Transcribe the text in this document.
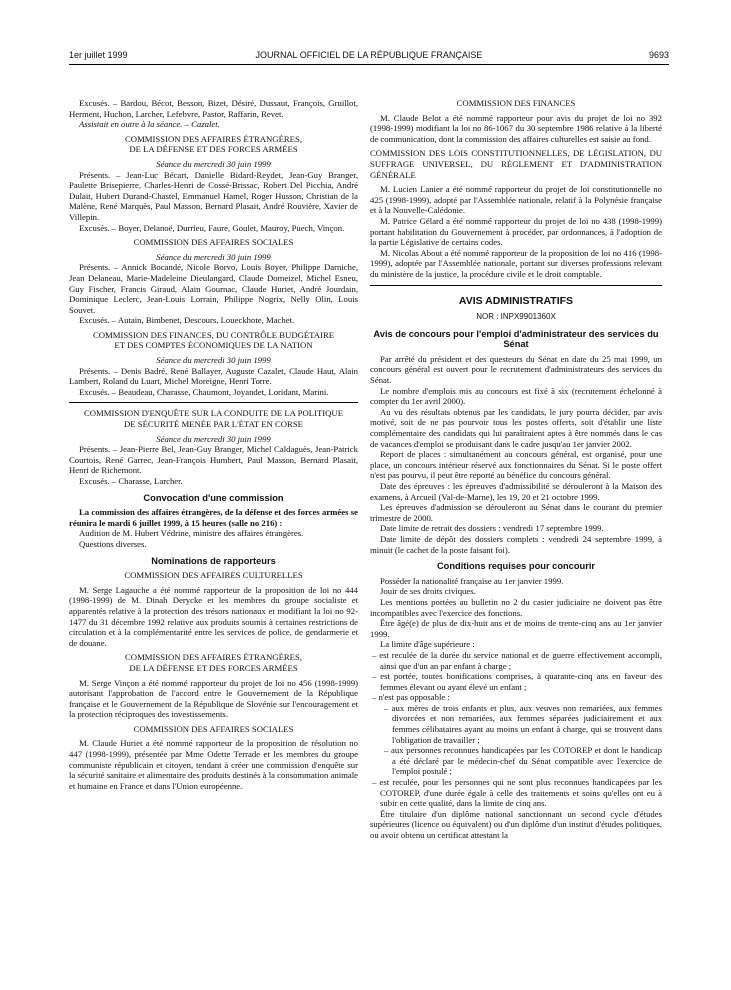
1er juillet 1999	JOURNAL OFFICIEL DE LA RÉPUBLIQUE FRANÇAISE	9693

Excusés. – Bardou, Bécot, Besson, Bizet, Désiré, Dussaut, François, Gruillot, Herment, Huchon, Larcher, Lefebvre, Pastor, Raffarin, Revet.

Assistait en outre à la séance. – Cazalet.

COMMISSION DES AFFAIRES ÉTRANGÈRES,

DE LA DÉFENSE ET DES FORCES ARMÉES

Séance du mercredi 30 juin 1999

Présents. – Jean-Luc Bécart, Danielle Bidard-Reydet, Jean-Guy Branger, Paulette Brisepierre, Charles-Henri de Cossé-Brissac, Robert Del Picchia, André Dulait, Hubert Durand-Chastel, Emmanuel Hamel, Roger Husson, Christian de la Malène, René Marquès, Paul Masson, Bernard Plasait, André Rouvière, Xavier de Villepin.

Excusés. – Boyer, Delanoë, Durrieu, Faure, Goulet, Mauroy, Puech, Vinçon.

COMMISSION DES AFFAIRES SOCIALES

Séance du mercredi 30 juin 1999

Présents. – Annick Bocandé, Nicole Borvo, Louis Boyer, Philippe Darniche, Jean Delaneau, Marie-Madeleine Dieulangard, Claude Domeizel, Michel Esneu, Guy Fischer, Francis Giraud, Alain Gournac, Claude Huriet, André Jourdain, Dominique Leclerc, Jean-Louis Lorrain, Philippe Nogrix, Nelly Olin, Louis Souvet.

Excusés. – Autain, Bimbenet, Descours, Loueckhote, Machet.

COMMISSION DES FINANCES, DU CONTRÔLE BUDGÉTAIRE

ET DES COMPTES ÉCONOMIQUES DE LA NATION

Séance du mercredi 30 juin 1999

Présents. – Denis Badré, René Ballayer, Auguste Cazalet, Claude Haut, Alain Lambert, Roland du Luart, Michel Moreigne, Henri Torre.

Excusés. – Beaudeau, Charasse, Chaumont, Joyandet, Loridant, Marini.

COMMISSION D'ENQUÊTE SUR LA CONDUITE DE LA POLITIQUE

DE SÉCURITÉ MENÉE PAR L'ÉTAT EN CORSE

Séance du mercredi 30 juin 1999

Présents. – Jean-Pierre Bel, Jean-Guy Branger, Michel Caldaguès, Jean-Patrick Courtois, René Garrec, Jean-François Humbert, Paul Masson, Bernard Plasait, Henri de Richemont.

Excusés. – Charasse, Larcher.

Convocation d'une commission

La commission des affaires étrangères, de la défense et des forces armées se réunira le mardi 6 juillet 1999, à 15 heures (salle no 216) :

Audition de M. Hubert Védrine, ministre des affaires étrangères.

Questions diverses.

Nominations de rapporteurs

COMMISSION DES AFFAIRES CULTURELLES

M. Serge Lagauche a été nommé rapporteur de la proposition de loi no 444 (1998-1999) de M. Dinah Derycke et les membres du groupe socialiste et apparentés relative à la protection des trésors nationaux et modifiant la loi no 92-1477 du 31 décembre 1992 relative aux produits soumis à certaines restrictions de circulation et à la complémentarité entre les services de police, de gendarmerie et de douane.

COMMISSION DES AFFAIRES ÉTRANGÈRES,

DE LA DÉFENSE ET DES FORCES ARMÉES

M. Serge Vinçon a été nommé rapporteur du projet de loi no 456 (1998-1999) autorisant l'approbation de l'accord entre le Gouvernement de la République française et le Gouvernement de la République de Slovénie sur l'encouragement et la protection réciproques des investissements.

COMMISSION DES AFFAIRES SOCIALES

M. Claude Huriet a été nommé rapporteur de la proposition de résolution no 447 (1998-1999), présentée par Mme Odette Terrade et les membres du groupe communiste républicain et citoyen, tendant à créer une commission d'enquête sur la sécurité sanitaire et alimentaire des produits destinés à la consommation animale et humaine en France et dans l'Union européenne.

COMMISSION DES FINANCES

M. Claude Belot a été nommé rapporteur pour avis du projet de loi no 392 (1998-1999) modifiant la loi no 86-1067 du 30 septembre 1986 relative à la liberté de communication, dont la commission des affaires culturelles est saisie au fond.

COMMISSION DES LOIS CONSTITUTIONNELLES, DE LÉGISLATION, DU SUFFRAGE UNIVERSEL, DU RÈGLEMENT ET D'ADMINISTRATION GÉNÉRALE

M. Lucien Lanier a été nommé rapporteur du projet de loi constitutionnelle no 425 (1998-1999), adopté par l'Assemblée nationale, relatif à la Polynésie française et à la Nouvelle-Calédonie.

M. Patrice Gélard a été nommé rapporteur du projet de loi no 438 (1998-1999) portant habilitation du Gouvernement à procéder, par ordonnances, à l'adoption de la partie Législative de certains codes.

M. Nicolas About a été nommé rapporteur de la proposition de loi no 416 (1998-1999), adoptée par l'Assemblée nationale, portant sur diverses professions relevant du ministère de la justice, la procédure civile et le droit comptable.

AVIS ADMINISTRATIFS
NOR : INPX9901360X
Avis de concours pour l'emploi d'administrateur des services du Sénat

Par arrêté du président et des questeurs du Sénat en date du 25 mai 1999, un concours général est ouvert pour le recrutement d'administrateurs des services du Sénat.

Le nombre d'emplois mis au concours est fixé à six (recrutement échelonné à compter du 1er avril 2000).

Au vu des résultats obtenus par les candidats, le jury pourra décider, par avis motivé, soit de ne pas pourvoir tous les postes offerts, soit d'établir une liste complémentaire des candidats qui lui paraîtraient aptes à être nommés dans le cas de vacances d'emploi se produisant dans le cadre jusqu'au 1er janvier 2002.

Report de places : simultanément au concours général, est organisé, pour une place, un concours intérieur réservé aux fonctionnaires du Sénat. Si le poste offert n'est pas pourvu, il peut être reporté au bénéfice du concours général.

Date des épreuves : les épreuves d'admissibilité se dérouleront à la Maison des examens, à Arcueil (Val-de-Marne), les 19, 20 et 21 octobre 1999.

Les épreuves d'admission se dérouleront au Sénat dans le courant du premier trimestre de 2000.

Date limite de retrait des dossiers : vendredi 17 septembre 1999.

Date limite de dépôt des dossiers complets : vendredi 24 septembre 1999, à minuit (le cachet de la poste faisant foi).

Conditions requises pour concourir

Posséder la nationalité française au 1er janvier 1999.

Jouir de ses droits civiques.

Les mentions portées au bulletin no 2 du casier judiciaire ne doivent pas être incompatibles avec l'exercice des fonctions.

Être âgé(e) de plus de dix-huit ans et de moins de trente-cinq ans au 1er janvier 1999.

La limite d'âge supérieure :

– est reculée de la durée du service national et de guerre effectivement accompli, ainsi que d'un an par enfant à charge ;

– est portée, toutes bonifications comprises, à quarante-cinq ans en faveur des femmes élevant ou ayant élevé un enfant ;

– n'est pas opposable :

– aux mères de trois enfants et plus, aux veuves non remariées, aux femmes divorcées et non remariées, aux femmes séparées judiciairement et aux femmes célibataires ayant au moins un enfant à charge, qui se trouvent dans l'obligation de travailler ;

– aux personnes reconnues handicapées par les COTOREP et dont le handicap a été déclaré par le médecin-chef du Sénat compatible avec l'exercice de l'emploi postulé ;

– est reculée, pour les personnes qui ne sont plus reconnues handicapées par les COTOREP, d'une durée égale à celle des traitements et soins qu'elles ont eu à subir en cette qualité, dans la limite de cinq ans.

Être titulaire d'un diplôme national sanctionnant un second cycle d'études supérieures (licence ou équivalent) ou d'un diplôme d'un institut d'études politiques, ou avoir obtenu un certificat attestant la
